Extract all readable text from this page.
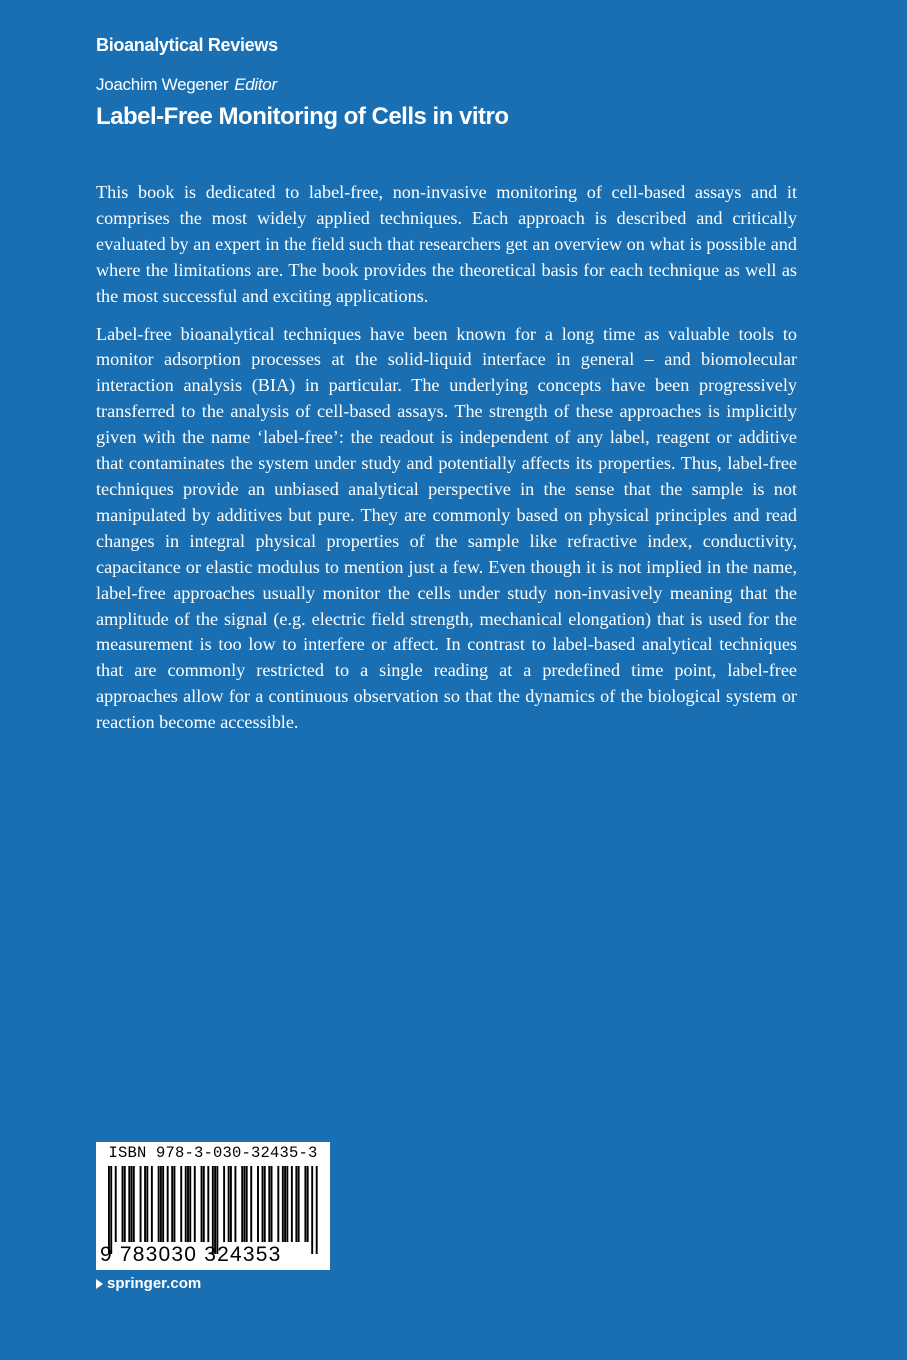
Bioanalytical Reviews
Joachim Wegener Editor
Label-Free Monitoring of Cells in vitro

This book is dedicated to label-free, non-invasive monitoring of cell-based assays and it comprises the most widely applied techniques. Each approach is described and critically evaluated by an expert in the field such that researchers get an overview on what is possible and where the limitations are. The book provides the theoretical basis for each technique as well as the most successful and exciting applications.

Label-free bioanalytical techniques have been known for a long time as valuable tools to monitor adsorption processes at the solid-liquid interface in general – and biomolecular interaction analysis (BIA) in particular. The underlying concepts have been progressively transferred to the analysis of cell-based assays. The strength of these approaches is implicitly given with the name ‘label-free’: the readout is independent of any label, reagent or additive that contaminates the system under study and potentially affects its properties. Thus, label-free techniques provide an unbiased analytical perspective in the sense that the sample is not manipulated by additives but pure. They are commonly based on physical principles and read changes in integral physical properties of the sample like refractive index, conductivity, capacitance or elastic modulus to mention just a few. Even though it is not implied in the name, label-free approaches usually monitor the cells under study non-invasively meaning that the amplitude of the signal (e.g. electric field strength, mechanical elongation) that is used for the measurement is too low to interfere or affect. In contrast to label-based analytical techniques that are commonly restricted to a single reading at a predefined time point, label-free approaches allow for a continuous observation so that the dynamics of the biological system or reaction become accessible.

ISBN 978-3-030-32435-3
9 783030 324353
springer.com
